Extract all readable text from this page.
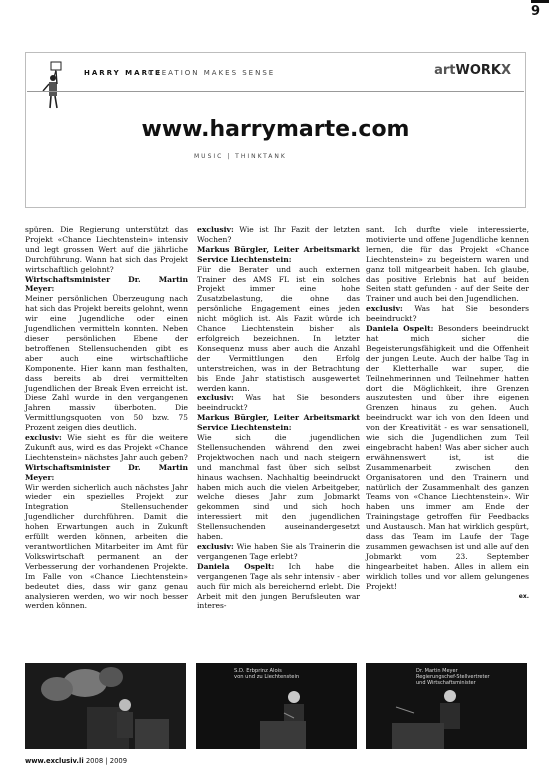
9
HARRY MARTE
CREATION MAKES SENSE	artWORKX
www.harrymarte.com
MUSIC | THINKTANK

spüren. Die Regierung unterstützt das Projekt «Chance Liechtenstein» intensiv und legt grossen Wert auf die jährliche Durchführung. Wann hat sich das Projekt wirtschaftlich gelohnt?

Wirtschaftsminister Dr. Martin Meyer:

Meiner persönlichen Überzeugung nach hat sich das Projekt bereits gelohnt, wenn wir eine Jugendliche oder einen Jugendlichen vermitteln konnten. Neben dieser persönlichen Ebene der betroffenen Stellensuchenden gibt es aber auch eine wirtschaftliche Komponente. Hier kann man festhalten, dass bereits ab drei vermittelten Jugendlichen der Break Even erreicht ist. Diese Zahl wurde in den vergangenen Jahren massiv überboten. Die Vermittlungsquoten von 50 bzw. 75 Prozent zeigen dies deutlich.

exclusiv: Wie sieht es für die weitere Zukunft aus, wird es das Projekt «Chance Liechtenstein» nächstes Jahr auch geben?

Wirtschaftsminister Dr. Martin Meyer:

Wir werden sicherlich auch nächstes Jahr wieder ein spezielles Projekt zur Integration Stellensuchender Jugendlicher durchführen. Damit die hohen Erwartungen auch in Zukunft erfüllt werden können, arbeiten die verantwortlichen Mitarbeiter im Amt für Volkswirtschaft permanent an der Verbesserung der vorhandenen Projekte. Im Falle von «Chance Liechtenstein» bedeutet dies, dass wir ganz genau analysieren werden, wo wir noch besser werden können.

exclusiv: Wie ist Ihr Fazit der letzten Wochen?

Markus Bürgler, Leiter Arbeitsmarkt Service Liechtenstein:

Für die Berater und auch externen Trainer des AMS FL ist ein solches Projekt immer eine hohe Zusatzbelastung, die ohne das persönliche Engagement eines jeden nicht möglich ist. Als Fazit würde ich Chance Liechtenstein bisher als erfolgreich bezeichnen. In letzter Konsequenz muss aber auch die Anzahl der Vermittlungen den Erfolg unterstreichen, was in der Betrachtung bis Ende Jahr statistisch ausgewertet werden kann.

exclusiv: Was hat Sie besonders beeindruckt?

Markus Bürgler, Leiter Arbeitsmarkt Service Liechtenstein:

Wie sich die jugendlichen Stellensuchenden während den zwei Projektwochen nach und nach steigern und manchmal fast über sich selbst hinaus wachsen. Nachhaltig beeindruckt haben mich auch die vielen Arbeitgeber, welche dieses Jahr zum Jobmarkt gekommen sind und sich hoch interessiert mit den jugendlichen Stellensuchenden auseinandergesetzt haben.

exclusiv: Wie haben Sie als Trainerin die vergangenen Tage erlebt?

Daniela Ospelt: Ich habe die vergangenen Tage als sehr intensiv - aber auch für mich als bereichernd erlebt. Die Arbeit mit den jungen Berufsleuten war interes-

sant. Ich durfte viele interessierte, motivierte und offene Jugendliche kennen lernen, die für das Projekt «Chance Liechtenstein» zu begeistern waren und ganz toll mitgearbeit haben. Ich glaube, das positive Erlebnis hat auf beiden Seiten statt gefunden - auf der Seite der Trainer und auch bei den Jugendlichen.

exclusiv: Was hat Sie besonders beeindruckt?

Daniela Ospelt: Besonders beeindruckt hat mich sicher die Begeisterungsfähigkeit und die Offenheit der jungen Leute. Auch der halbe Tag in der Kletterhalle war super, die Teilnehmerinnen und Teilnehmer hatten dort die Möglichkeit, ihre Grenzen auszutesten und über ihre eigenen Grenzen hinaus zu gehen. Auch beeindruckt war ich von den Ideen und von der Kreativität - es war sensationell, wie sich die Jugendlichen zum Teil eingebracht haben! Was aber sicher auch erwähnenswert ist, ist die Zusammenarbeit zwischen den Organisatoren und den Trainern und natürlich der Zusammenhalt des ganzen Teams von «Chance Liechtenstein». Wir haben uns immer am Ende der Trainingstage getroffen für Feedbacks und Austausch. Man hat wirklich gespürt, dass das Team im Laufe der Tage zusammen gewachsen ist und alle auf den Jobmarkt vom 23. September hingearbeitet haben. Alles in allem ein wirklich tolles und vor allem gelungenes Projekt!

ex.
S.D. Erbprinz Alois
von und zu Liechtenstein
Dr. Martin Meyer
Regierungschef-Stellvertreter
und Wirtschaftsminister
www.exclusiv.li 2008 | 2009
